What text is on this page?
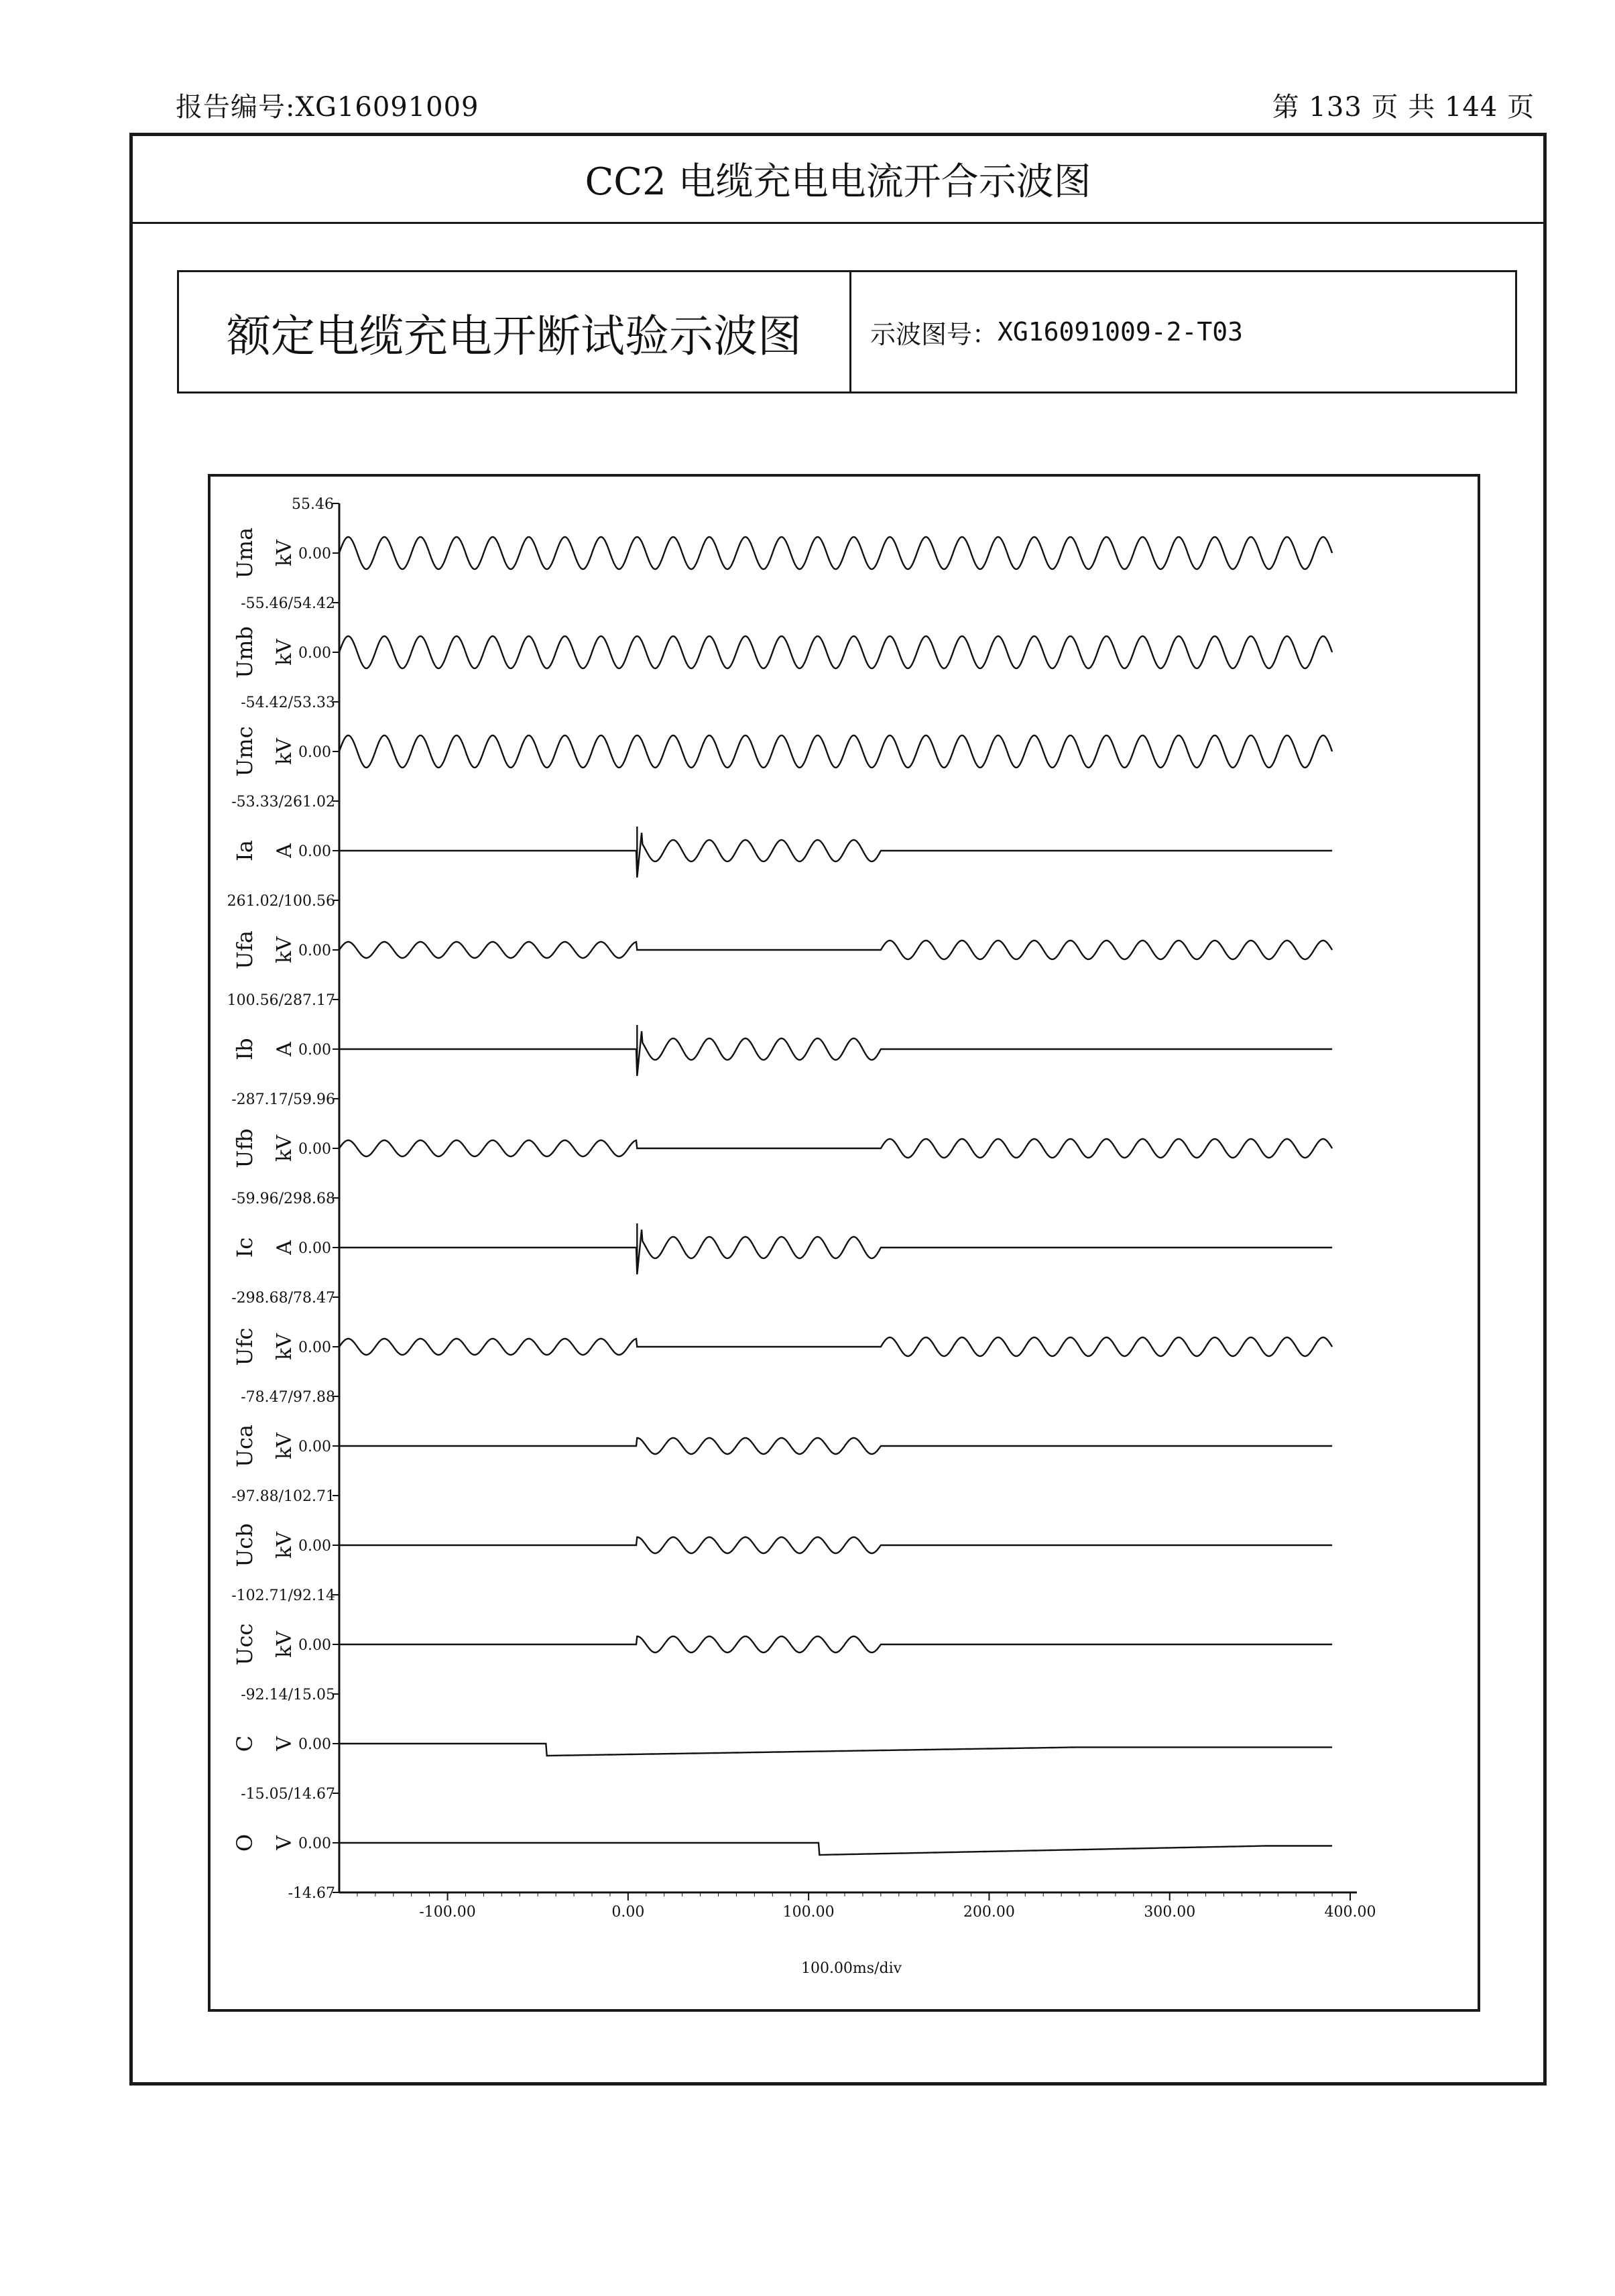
报告编号:XG16091009	第 133 页 共 144 页
CC2 电缆充电电流开合示波图
额定电缆充电开断试验示波图	示波图号： XG16091009-2-T03
55.46
0.00
-55.46/54.42
kV
Uma
0.00
-54.42/53.33
kV
Umb
0.00
-53.33/261.02
kV
Umc
0.00
261.02/100.56
A
Ia
0.00
100.56/287.17
kV
Ufa
0.00
-287.17/59.96
A
Ib
0.00
-59.96/298.68
kV
Ufb
0.00
-298.68/78.47
A
Ic
0.00
-78.47/97.88
kV
Ufc
0.00
-97.88/102.71
kV
Uca
0.00
-102.71/92.14
kV
Ucb
0.00
-92.14/15.05
kV
Ucc
0.00
-15.05/14.67
V
C
0.00
-14.67
V
O
-100.00	0.00	100.00	200.00	300.00	400.00
100.00ms/div
